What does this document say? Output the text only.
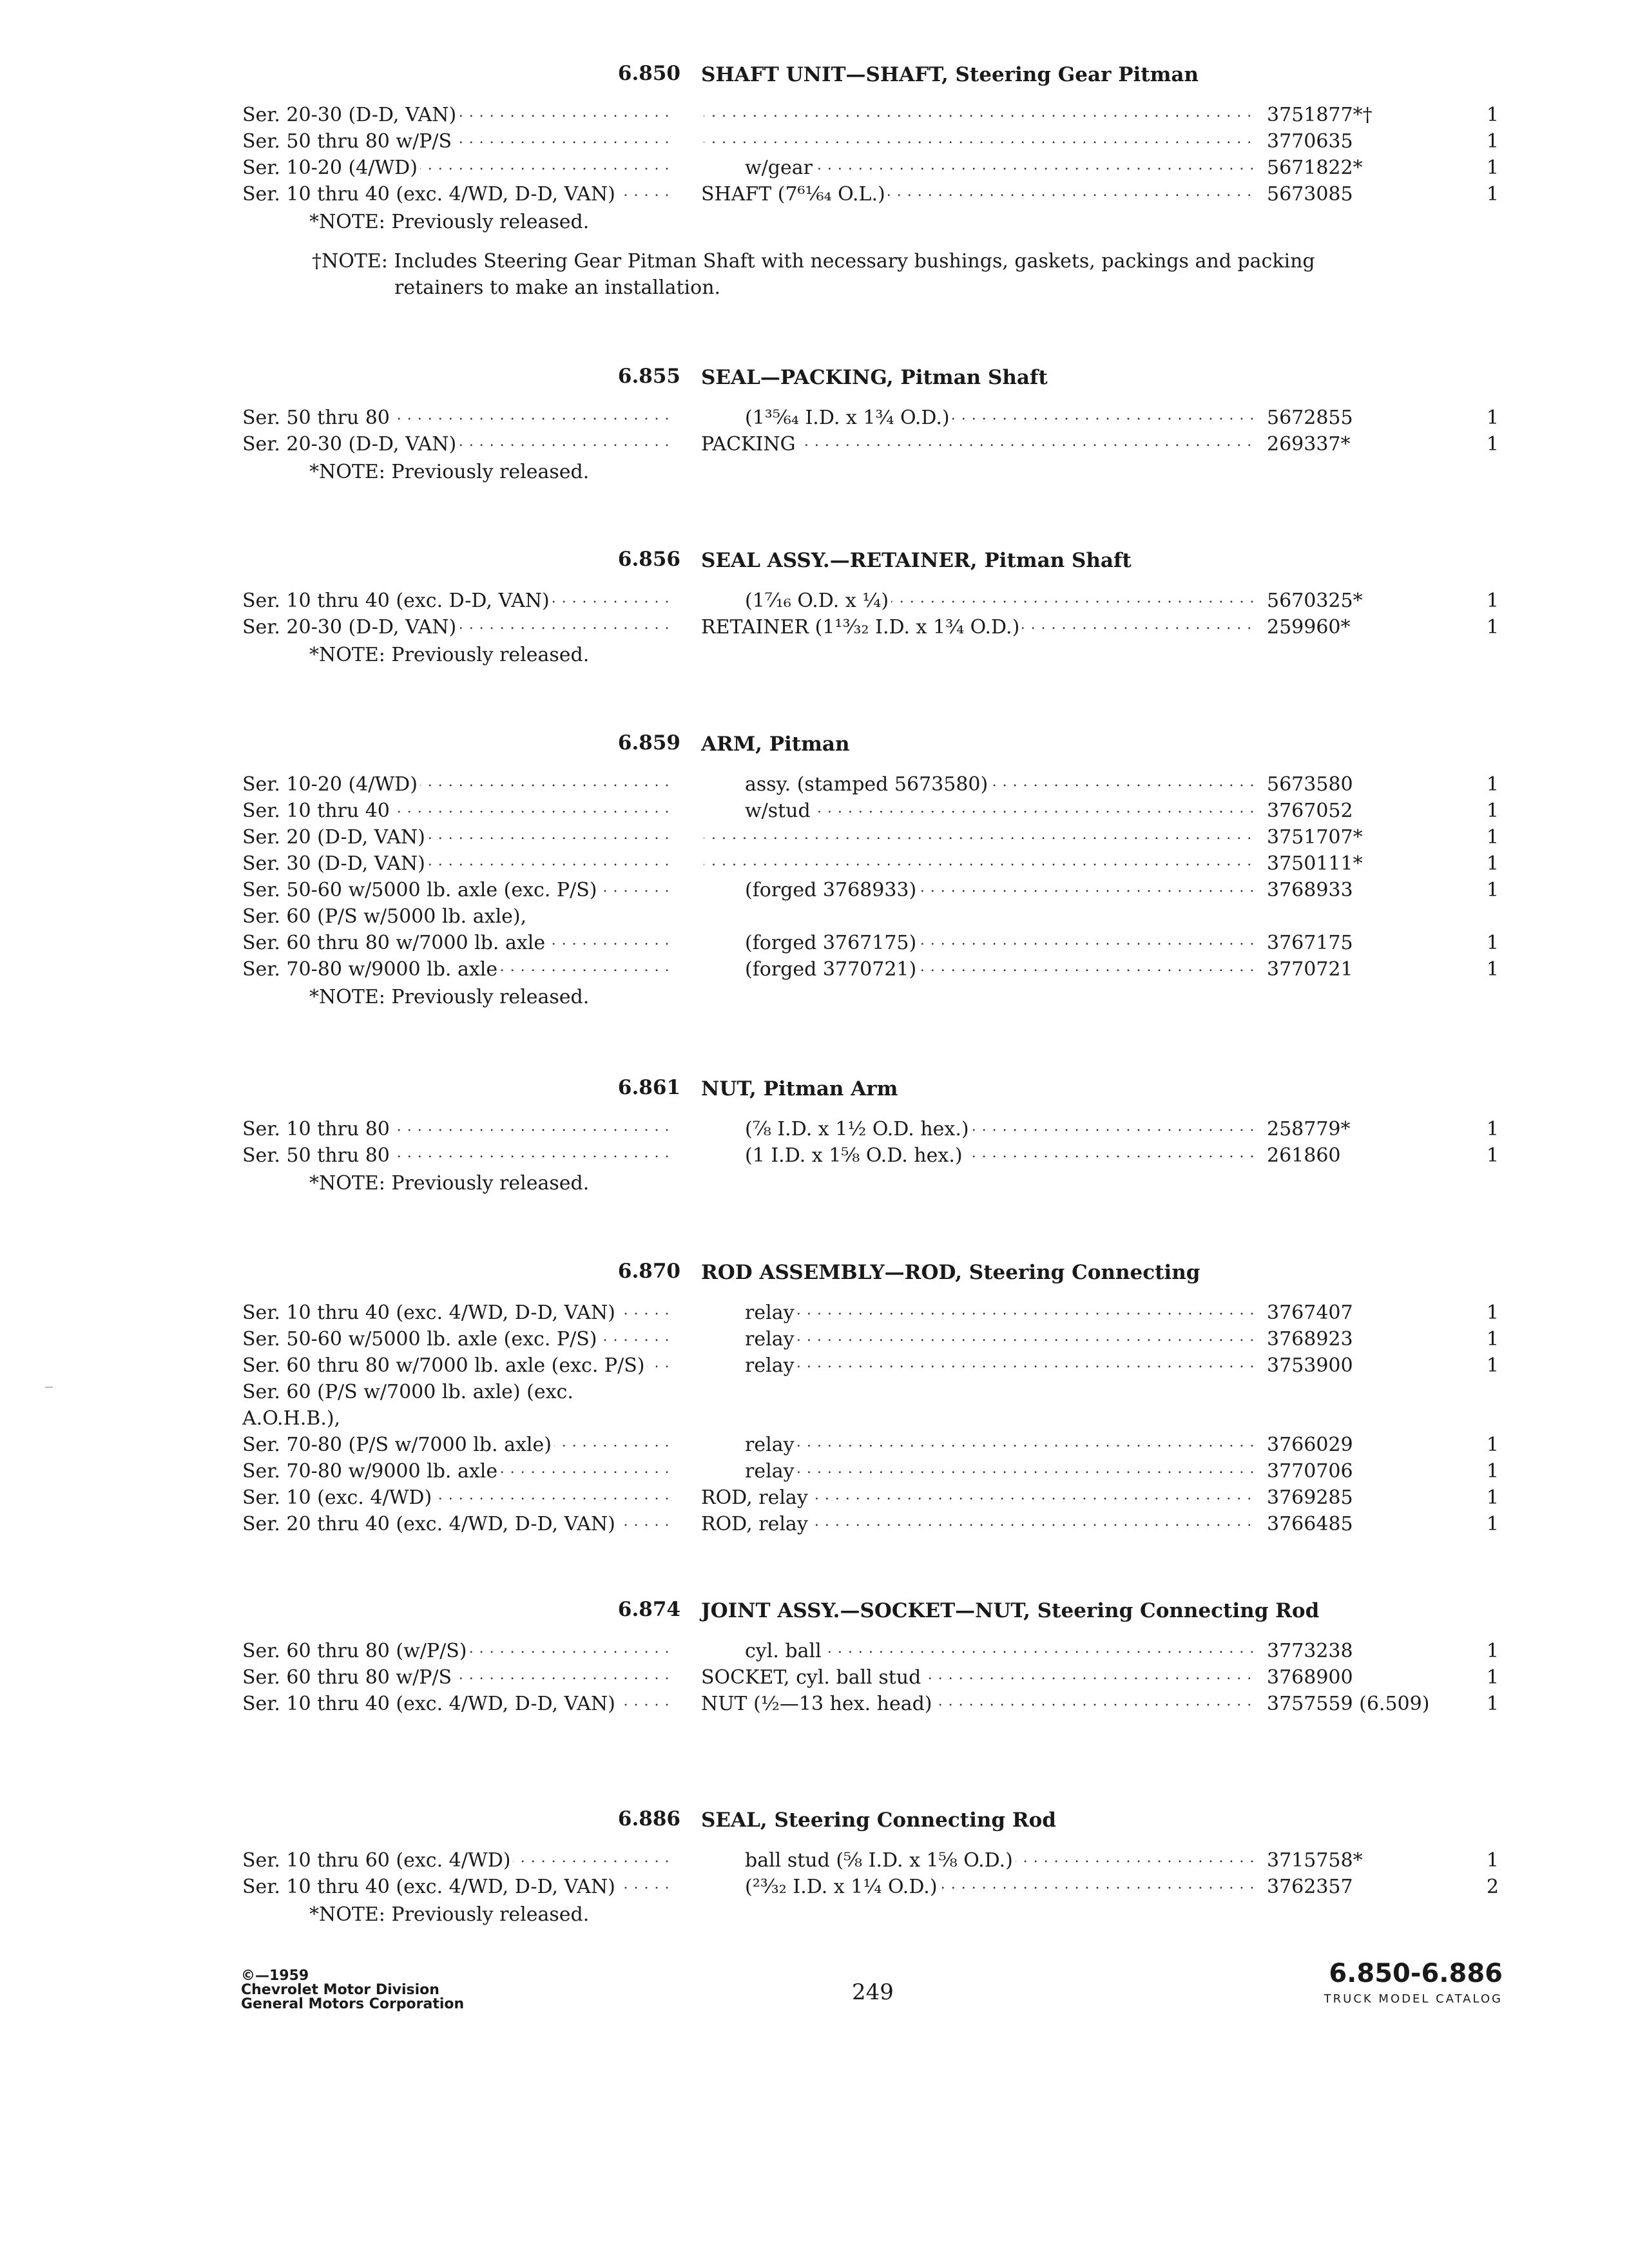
6.850 SHAFT UNIT—SHAFT, Steering Gear Pitman
Ser. 20-30 (D-D, VAN) . . . . . .	3751877*†	1
Ser. 50 thru 80 w/P/S . . . . . .	3770635	1
Ser. 10-20 (4/WD) . . .	w/gear . . .	5671822*	1
Ser. 10 thru 40 (exc. 4/WD, D-D, VAN) . . .	SHAFT (7⁶¹⁄₆₄ O.L.) . . .	5673085	1
*NOTE: Previously released.
†NOTE: Includes Steering Gear Pitman Shaft with necessary bushings, gaskets, packings and packing retainers to make an installation.
6.855 SEAL—PACKING, Pitman Shaft
Ser. 50 thru 80 . . .	(1³⁵⁄₆₄ I.D. x 1¾ O.D.) . . .	5672855	1
Ser. 20-30 (D-D, VAN) . . .	PACKING . . .	269337*	1
*NOTE: Previously released.
6.856 SEAL ASSY.—RETAINER, Pitman Shaft
Ser. 10 thru 40 (exc. D-D, VAN) . . .	(1⁷⁄₁₆ O.D. x ¼) . . .	5670325*	1
Ser. 20-30 (D-D, VAN) . . .	RETAINER (1¹³⁄₃₂ I.D. x 1¾ O.D.) . . .	259960*	1
*NOTE: Previously released.
6.859 ARM, Pitman
Ser. 10-20 (4/WD) . . .	assy. (stamped 5673580) . . .	5673580	1
Ser. 10 thru 40 . . .	w/stud . . .	3767052	1
Ser. 20 (D-D, VAN) . . . . . .	3751707*	1
Ser. 30 (D-D, VAN) . . . . . .	3750111*	1
Ser. 50-60 w/5000 lb. axle (exc. P/S) . . .	(forged 3768933) . . .	3768933	1
Ser. 60 (P/S w/5000 lb. axle),
Ser. 60 thru 80 w/7000 lb. axle . . .	(forged 3767175) . . .	3767175	1
Ser. 70-80 w/9000 lb. axle . . .	(forged 3770721) . . .	3770721	1
*NOTE: Previously released.
6.861 NUT, Pitman Arm
Ser. 10 thru 80 . . .	(⅞ I.D. x 1½ O.D. hex.) . . .	258779*	1
Ser. 50 thru 80 . . .	(1 I.D. x 1⅝ O.D. hex.) . . .	261860	1
*NOTE: Previously released.
6.870 ROD ASSEMBLY—ROD, Steering Connecting
Ser. 10 thru 40 (exc. 4/WD, D-D, VAN) . . .	relay . . .	3767407	1
Ser. 50-60 w/5000 lb. axle (exc. P/S) . . .	relay . . .	3768923	1
Ser. 60 thru 80 w/7000 lb. axle (exc. P/S) . . .	relay . . .	3753900	1
Ser. 60 (P/S w/7000 lb. axle) (exc. A.O.H.B.),
Ser. 70-80 (P/S w/7000 lb. axle) . . .	relay . . .	3766029	1
Ser. 70-80 w/9000 lb. axle . . .	relay . . .	3770706	1
Ser. 10 (exc. 4/WD) . . .	ROD, relay . . .	3769285	1
Ser. 20 thru 40 (exc. 4/WD, D-D, VAN) . . .	ROD, relay . . .	3766485	1
6.874 JOINT ASSY.—SOCKET—NUT, Steering Connecting Rod
Ser. 60 thru 80 (w/P/S) . . .	cyl. ball . . .	3773238	1
Ser. 60 thru 80 w/P/S . . .	SOCKET, cyl. ball stud . . .	3768900	1
Ser. 10 thru 40 (exc. 4/WD, D-D, VAN) . . .	NUT (½—13 hex. head) . . .	3757559 (6.509)	1
6.886 SEAL, Steering Connecting Rod
Ser. 10 thru 60 (exc. 4/WD) . . .	ball stud (⅝ I.D. x 1⅝ O.D.) . . .	3715758*	1
Ser. 10 thru 40 (exc. 4/WD, D-D, VAN) . . .	(²³⁄₃₂ I.D. x 1¼ O.D.) . . .	3762357	2
*NOTE: Previously released.
©—1959
Chevrolet Motor Division
General Motors Corporation	249
6.850-6.886
TRUCK MODEL CATALOG
